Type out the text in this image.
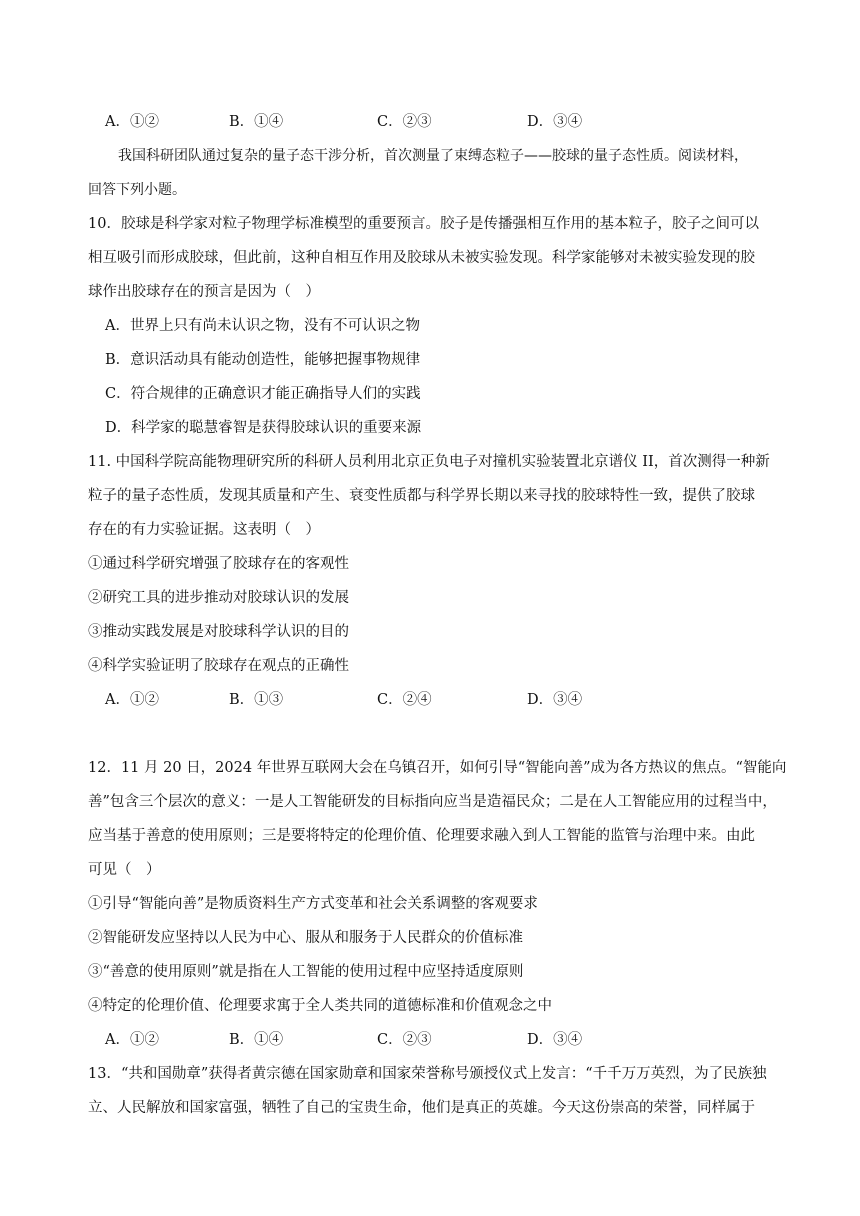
A．①②	B．①④	C．②③	D．③④
我国科研团队通过复杂的量子态干涉分析，首次测量了束缚态粒子——胶球的量子态性质。阅读材料，
回答下列小题。
10．胶球是科学家对粒子物理学标准模型的重要预言。胶子是传播强相互作用的基本粒子，胶子之间可以
相互吸引而形成胶球，但此前，这种自相互作用及胶球从未被实验发现。科学家能够对未被实验发现的胶
球作出胶球存在的预言是因为（　）
A．世界上只有尚未认识之物，没有不可认识之物
B．意识活动具有能动创造性，能够把握事物规律
C．符合规律的正确意识才能正确指导人们的实践
D．科学家的聪慧睿智是获得胶球认识的重要来源
11. 中国科学院高能物理研究所的科研人员利用北京正负电子对撞机实验装置北京谱仪 II，首次测得一种新
粒子的量子态性质，发现其质量和产生、衰变性质都与科学界长期以来寻找的胶球特性一致，提供了胶球
存在的有力实验证据。这表明（　）
①通过科学研究增强了胶球存在的客观性
②研究工具的进步推动对胶球认识的发展
③推动实践发展是对胶球科学认识的目的
④科学实验证明了胶球存在观点的正确性
A．①②	B．①③	C．②④	D．③④
12．11 月 20 日，2024 年世界互联网大会在乌镇召开，如何引导“智能向善”成为各方热议的焦点。“智能向
善”包含三个层次的意义：一是人工智能研发的目标指向应当是造福民众；二是在人工智能应用的过程当中，
应当基于善意的使用原则；三是要将特定的伦理价值、伦理要求融入到人工智能的监管与治理中来。由此
可见（　）
①引导“智能向善”是物质资料生产方式变革和社会关系调整的客观要求
②智能研发应坚持以人民为中心、服从和服务于人民群众的价值标准
③“善意的使用原则”就是指在人工智能的使用过程中应坚持适度原则
④特定的伦理价值、伦理要求寓于全人类共同的道德标准和价值观念之中
A．①②	B．①④	C．②③	D．③④
13．“共和国勋章”获得者黄宗德在国家勋章和国家荣誉称号颁授仪式上发言：“千千万万英烈，为了民族独
立、人民解放和国家富强，牺牲了自己的宝贵生命，他们是真正的英雄。今天这份崇高的荣誉，同样属于
